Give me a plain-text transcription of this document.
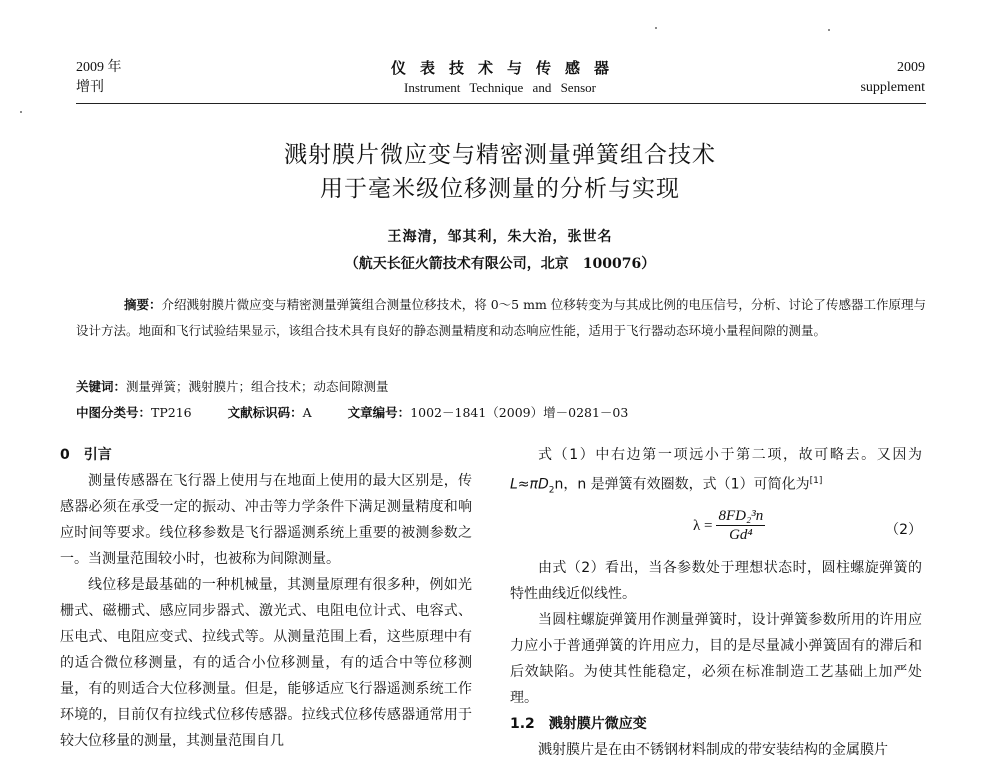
2009 年
增刊
仪表技术与传感器
Instrument Technique and Sensor
2009
supplement
溅射膜片微应变与精密测量弹簧组合技术
用于毫米级位移测量的分析与实现
王海清，邹其利，朱大治，张世名
（航天长征火箭技术有限公司，北京　100076）
摘要：介绍溅射膜片微应变与精密测量弹簧组合测量位移技术，将 0～5 mm 位移转变为与其成比例的电压信号，分析、讨论了传感器工作原理与设计方法。地面和飞行试验结果显示，该组合技术具有良好的静态测量精度和动态响应性能，适用于飞行器动态环境小量程间隙的测量。
关键词：测量弹簧；溅射膜片；组合技术；动态间隙测量
中图分类号：TP216	文献标识码：A	文章编号：1002－1841（2009）增－0281－03
0　引言

测量传感器在飞行器上使用与在地面上使用的最大区别是，传感器必须在承受一定的振动、冲击等力学条件下满足测量精度和响应时间等要求。线位移参数是飞行器遥测系统上重要的被测参数之一。当测量范围较小时，也被称为间隙测量。

线位移是最基础的一种机械量，其测量原理有很多种，例如光栅式、磁栅式、感应同步器式、激光式、电阻电位计式、电容式、压电式、电阻应变式、拉线式等。从测量范围上看，这些原理中有的适合微位移测量，有的适合小位移测量，有的适合中等位移测量，有的则适合大位移测量。但是，能够适应飞行器遥测系统工作环境的，目前仅有拉线式位移传感器。拉线式位移传感器通常用于较大位移量的测量，其测量范围自几

式（1）中右边第一项远小于第二项，故可略去。又因为$L\approx\pi D_2n$，n 是弹簧有效圈数，式（1）可简化为[1]

$\lambda = \frac{\text{8FD₂³n}}{\text{Gd⁴}}$	（2）

由式（2）看出，当各参数处于理想状态时，圆柱螺旋弹簧的特性曲线近似线性。

当圆柱螺旋弹簧用作测量弹簧时，设计弹簧参数所用的许用应力应小于普通弹簧的许用应力，目的是尽量减小弹簧固有的滞后和后效缺陷。为使其性能稳定，必须在标准制造工艺基础上加严处理。

1.2　溅射膜片微应变

溅射膜片是在由不锈钢材料制成的带安装结构的金属膜片
